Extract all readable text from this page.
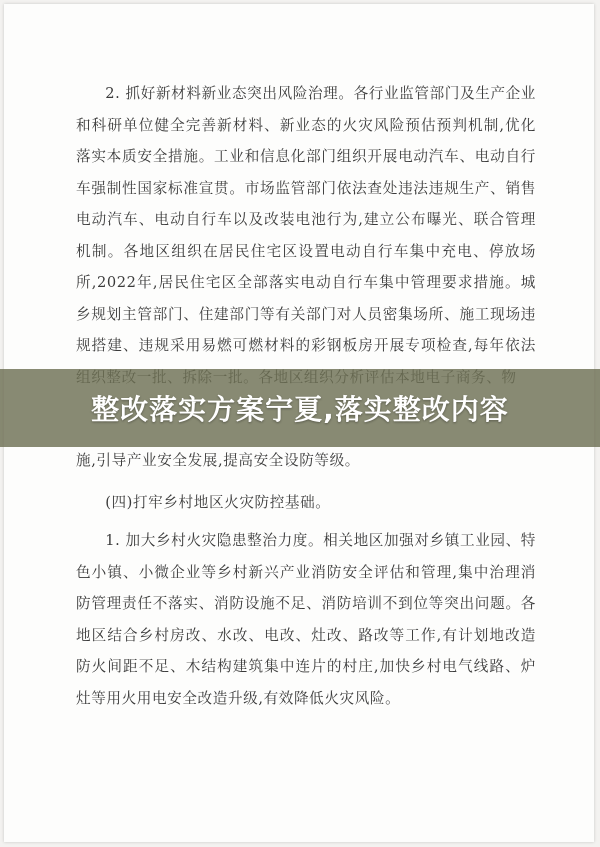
2. 抓好新材料新业态突出风险治理。各行业监管部门及生产企业和科研单位健全完善新材料、新业态的火灾风险预估预判机制,优化落实本质安全措施。工业和信息化部门组织开展电动汽车、电动自行车强制性国家标准宣贯。市场监管部门依法查处违法违规生产、销售电动汽车、电动自行车以及改装电池行为,建立公布曝光、联合管理机制。各地区组织在居民住宅区设置电动自行车集中充电、停放场所,2022年,居民住宅区全部落实电动自行车集中管理要求措施。城乡规划主管部门、住建部门等有关部门对人员密集场所、施工现场违规搭建、违规采用易燃可燃材料的彩钢板房开展专项检查,每年依法

施,引导产业安全发展,提高安全设防等级。

(四)打牢乡村地区火灾防控基础。

1. 加大乡村火灾隐患整治力度。相关地区加强对乡镇工业园、特色小镇、小微企业等乡村新兴产业消防安全评估和管理,集中治理消防管理责任不落实、消防设施不足、消防培训不到位等突出问题。各地区结合乡村房改、水改、电改、灶改、路改等工作,有计划地改造防火间距不足、木结构建筑集中连片的村庄,加快乡村电气线路、炉灶等用火用电安全改造升级,有效降低火灾风险。

整改落实方案宁夏,落实整改内容
